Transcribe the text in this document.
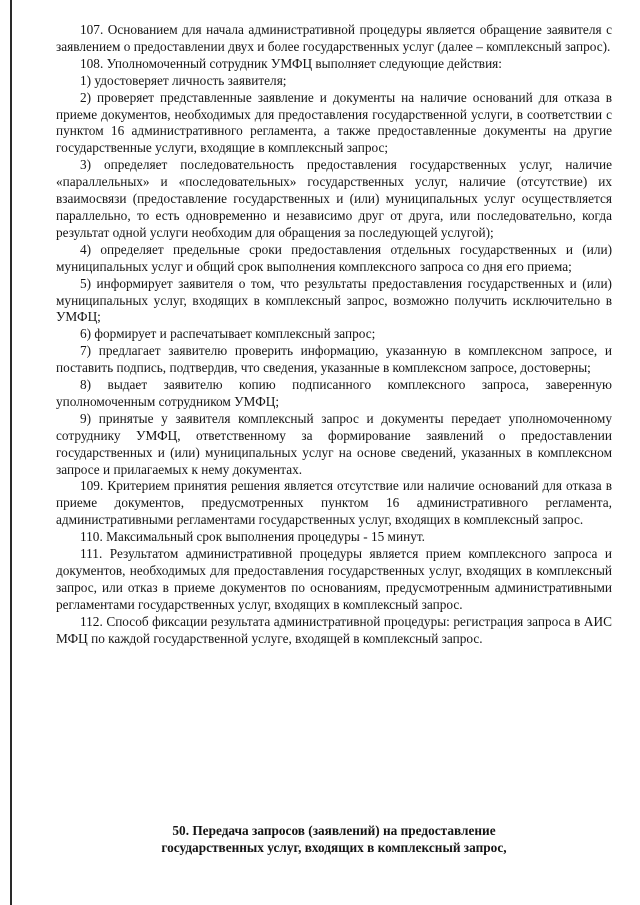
107. Основанием для начала административной процедуры является обращение заявителя с заявлением о предоставлении двух и более государственных услуг (далее – комплексный запрос).

108. Уполномоченный сотрудник УМФЦ выполняет следующие действия:

1) удостоверяет личность заявителя;

2) проверяет представленные заявление и документы на наличие оснований для отказа в приеме документов, необходимых для предоставления государственной услуги, в соответствии с пунктом 16 административного регламента, а также предоставленные документы на другие государственные услуги, входящие в комплексный запрос;

3) определяет последовательность предоставления государственных услуг, наличие «параллельных» и «последовательных» государственных услуг, наличие (отсутствие) их взаимосвязи (предоставление государственных и (или) муниципальных услуг осуществляется параллельно, то есть одновременно и независимо друг от друга, или последовательно, когда результат одной услуги необходим для обращения за последующей услугой);

4) определяет предельные сроки предоставления отдельных государственных и (или) муниципальных услуг и общий срок выполнения комплексного запроса со дня его приема;

5) информирует заявителя о том, что результаты предоставления государственных и (или) муниципальных услуг, входящих в комплексный запрос, возможно получить исключительно в УМФЦ;

6) формирует и распечатывает комплексный запрос;

7) предлагает заявителю проверить информацию, указанную в комплексном запросе, и поставить подпись, подтвердив, что сведения, указанные в комплексном запросе, достоверны;

8) выдает заявителю копию подписанного комплексного запроса, заверенную уполномоченным сотрудником УМФЦ;

9) принятые у заявителя комплексный запрос и документы передает уполномоченному сотруднику УМФЦ, ответственному за формирование заявлений о предоставлении государственных и (или) муниципальных услуг на основе сведений, указанных в комплексном запросе и прилагаемых к нему документах.

109. Критерием принятия решения является отсутствие или наличие оснований для отказа в приеме документов, предусмотренных пунктом 16 административного регламента, административными регламентами государственных услуг, входящих в комплексный запрос.

110. Максимальный срок выполнения процедуры - 15 минут.

111. Результатом административной процедуры является прием комплексного запроса и документов, необходимых для предоставления государственных услуг, входящих в комплексный запрос, или отказ в приеме документов по основаниям, предусмотренным административными регламентами государственных услуг, входящих в комплексный запрос.

112. Способ фиксации результата административной процедуры: регистрация запроса в АИС МФЦ по каждой государственной услуге, входящей в комплексный запрос.

50. Передача запросов (заявлений) на предоставление

государственных услуг, входящих в комплексный запрос,
